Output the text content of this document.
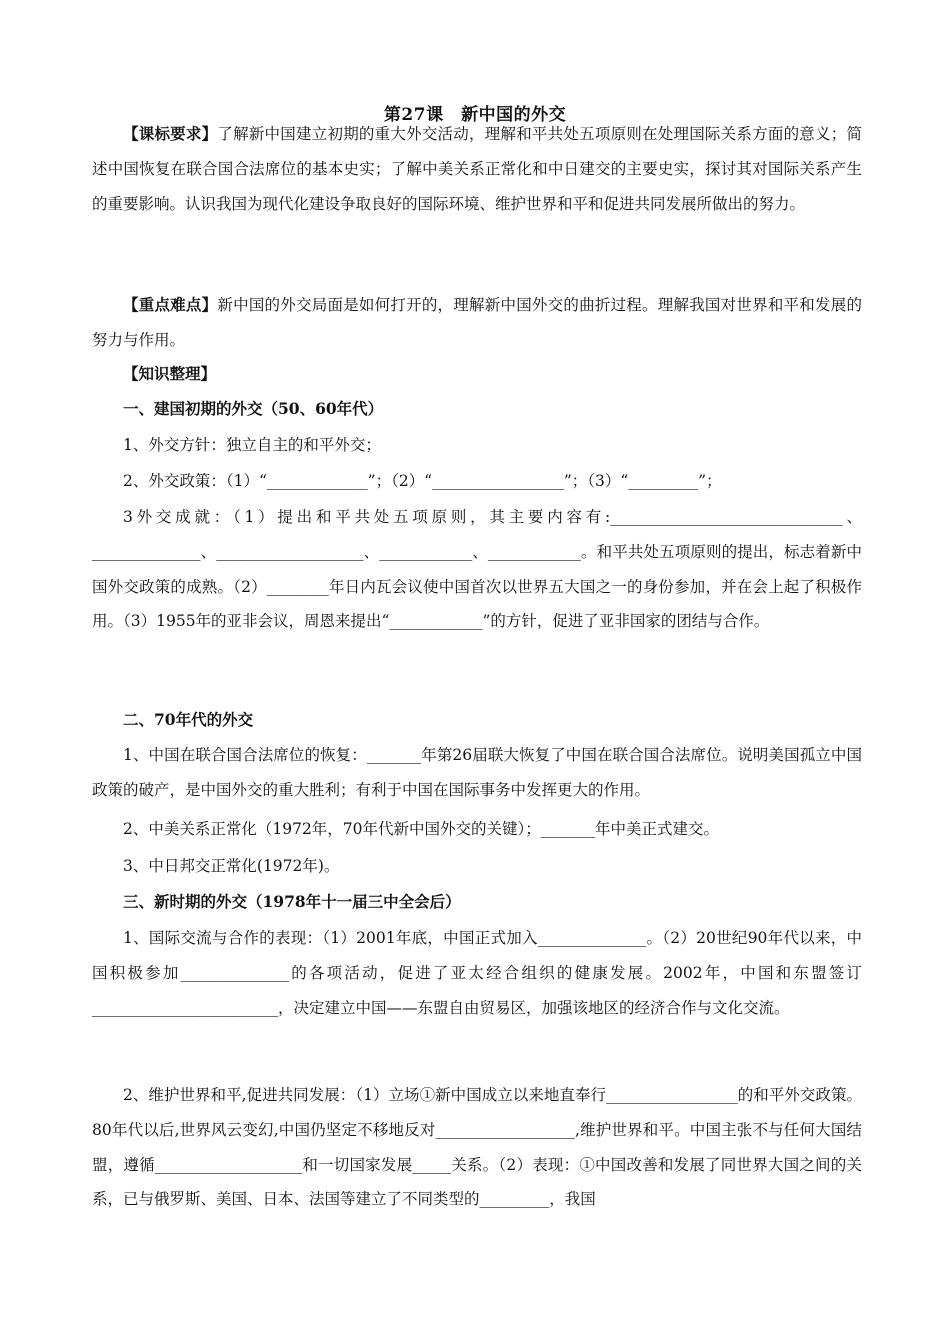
第27课　新中国的外交
【课标要求】了解新中国建立初期的重大外交活动，理解和平共处五项原则在处理国际关系方面的意义；简述中国恢复在联合国合法席位的基本史实；了解中美关系正常化和中日建交的主要史实，探讨其对国际关系产生的重要影响。认识我国为现代化建设争取良好的国际环境、维护世界和平和促进共同发展所做出的努力。
【重点难点】新中国的外交局面是如何打开的，理解新中国外交的曲折过程。理解我国对世界和平和发展的努力与作用。
【知识整理】
一、建国初期的外交（50、60年代）
1、外交方针：独立自主的和平外交；
2、外交政策：（1）“_____________”；（2）“_________________”；（3）“_________”；
3外交成就：（1）提出和平共处五项原则，其主要内容有:______________________________、______________、___________________、____________、____________。和平共处五项原则的提出，标志着新中国外交政策的成熟。（2）________年日内瓦会议使中国首次以世界五大国之一的身份参加，并在会上起了积极作用。（3）1955年的亚非会议，周恩来提出“____________”的方针，促进了亚非国家的团结与合作。
二、70年代的外交
1、中国在联合国合法席位的恢复：_______年第26届联大恢复了中国在联合国合法席位。说明美国孤立中国政策的破产，是中国外交的重大胜利；有利于中国在国际事务中发挥更大的作用。
2、中美关系正常化（1972年，70年代新中国外交的关键）；_______年中美正式建交。
3、中日邦交正常化(1972年)。
三、新时期的外交（1978年十一届三中全会后）
1、国际交流与合作的表现：（1）2001年底，中国正式加入______________。（2）20世纪90年代以来，中国积极参加______________的各项活动，促进了亚太经合组织的健康发展。2002年，中国和东盟签订________________________，决定建立中国——东盟自由贸易区，加强该地区的经济合作与文化交流。
2、维护世界和平,促进共同发展：（1）立场①新中国成立以来地直奉行_________________的和平外交政策。80年代以后,世界风云变幻,中国仍坚定不移地反对__________________,维护世界和平。中国主张不与任何大国结盟，遵循___________________和一切国家发展_____关系。（2）表现：①中国改善和发展了同世界大国之间的关系，已与俄罗斯、美国、日本、法国等建立了不同类型的_________，我国
